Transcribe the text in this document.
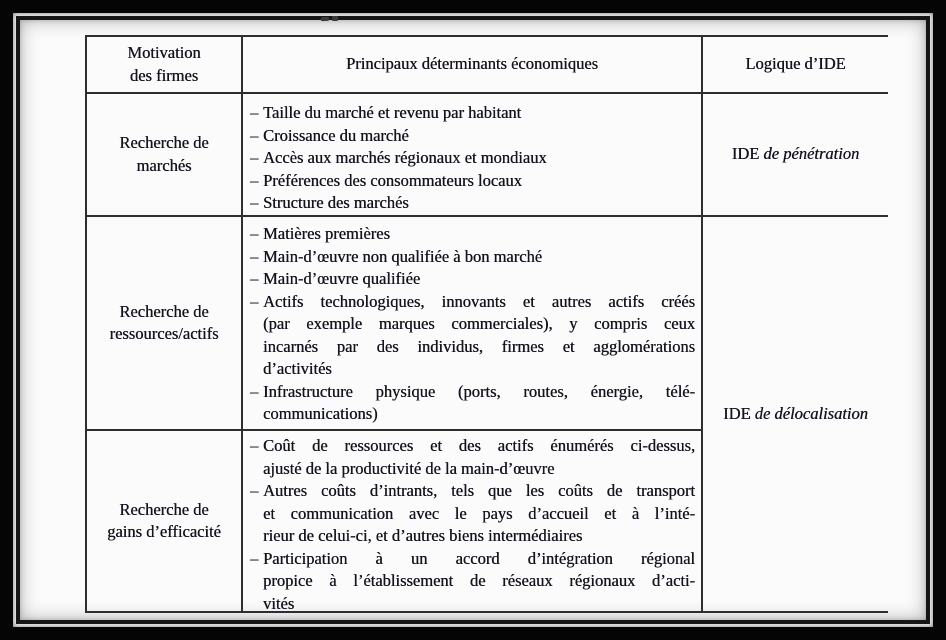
Motivation des firmes
Principaux déterminants économiques	Logique d’IDE
Recherche de marchés
Recherche de ressources/actifs
Recherche de gains d’efficacité
– Taille du marché et revenu par habitant
– Croissance du marché
– Accès aux marchés régionaux et mondiaux
– Préférences des consommateurs locaux
– Structure des marchés
– Matières premières
– Main-d’œuvre non qualifiée à bon marché
– Main-d’œuvre qualifiée
– Actifs technologiques, innovants et autres actifs créés
(par exemple marques commerciales), y compris ceux
incarnés par des individus, firmes et agglomérations
d’activités
– Infrastructure physique (ports, routes, énergie, télé-
communications)
– Coût de ressources et des actifs énumérés ci-dessus,
ajusté de la productivité de la main-d’œuvre
– Autres coûts d’intrants, tels que les coûts de transport
et communication avec le pays d’accueil et à l’inté-
rieur de celui-ci, et d’autres biens intermédiaires
– Participation à un accord d’intégration régional
propice à l’établissement de réseaux régionaux d’acti-
vités
IDE de pénétration
IDE de délocalisation
